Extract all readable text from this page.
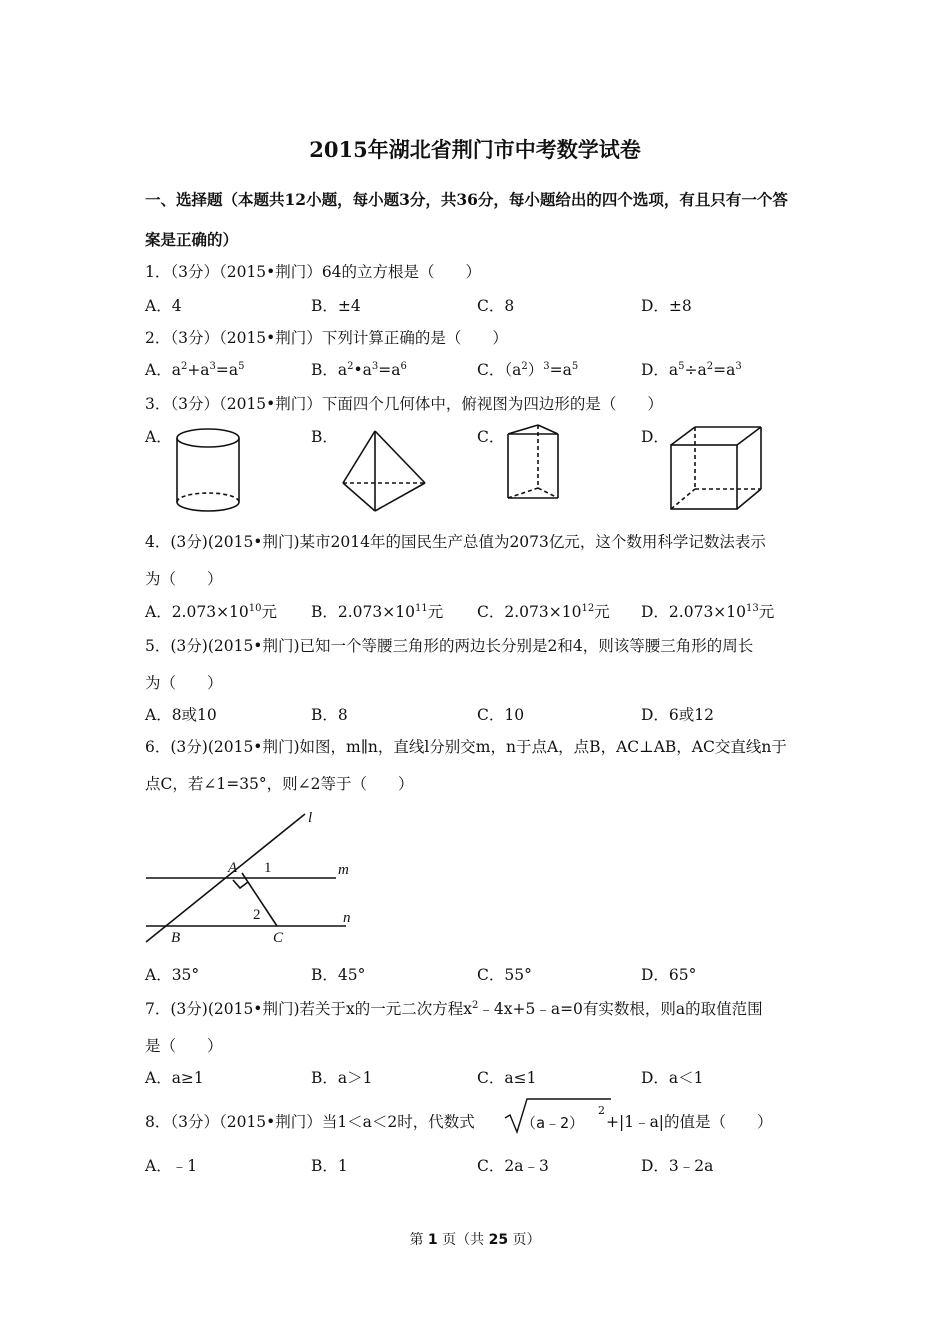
2015年湖北省荆门市中考数学试卷
一、选择题（本题共12小题，每小题3分，共36分，每小题给出的四个选项，有且只有一个答
案是正确的）
1．（3分）（2015•荆门）64的立方根是（　　）
A．4	B．±4	C．8	D．±8
2．（3分）（2015•荆门）下列计算正确的是（　　）
A．$a^2+a^3=a^5$	B．$a^2•a^3=a^6$	C．$(a^2)^3=a^5$	D．$a^5\div a^2=a^3$
3．（3分）（2015•荆门）下面四个几何体中，俯视图为四边形的是（　　）
A．	B．	C．	D．
4．(3分)(2015•荆门)某市2014年的国民生产总值为2073亿元，这个数用科学记数法表示
为（　　）
A．$2.073\times 10^{10}$元 B．$2.073\times 10^{11}$元 C．$2.073\times 10^{12}$元 D．$2.073\times 10^{13}$元
5．(3分)(2015•荆门)已知一个等腰三角形的两边长分别是2和4，则该等腰三角形的周长
为（　　）
A．8或10	B．8	C．10	D．6或12
6．(3分)(2015•荆门)如图，m∥n，直线l分别交m，n于点A，点B，AC⊥AB，AC交直线n于
点C，若∠1=35°，则∠2等于（　　）
l
m
n
A
B	C
1
2
A．35°	B．45°	C．55°	D．65°
7．(3分)(2015•荆门)若关于x的一元二次方程$x^2﹣4x+5﹣a=0$有实数根，则a的取值范围
是（　　）
A．a≥1	B．a＞1	C．a≤1	D．a＜1
8．（3分）（2015•荆门）当1＜a＜2时，代数式	（a﹣2）
2
+|1﹣a|的值是（　　）
A．﹣1	B．1	C．2a﹣3	D．3﹣2a
第 1 页（共 25 页）
